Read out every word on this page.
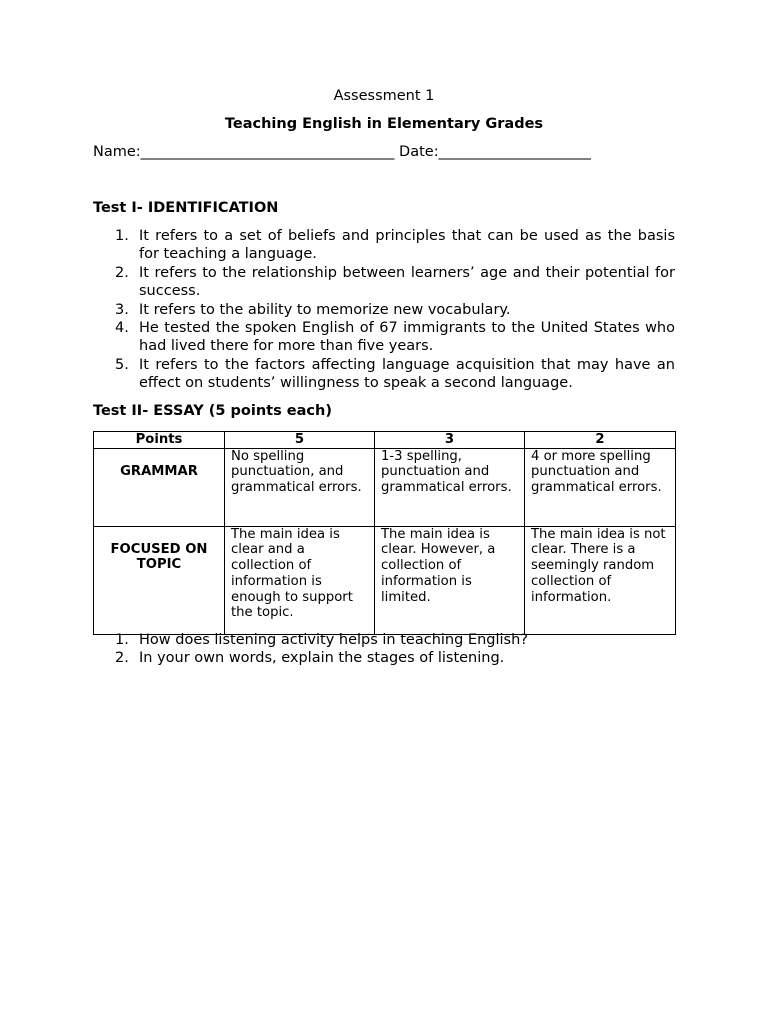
Assessment 1
Teaching English in Elementary Grades
Name:___________________________________ Date:_____________________
Test I- IDENTIFICATION
1. It refers to a set of beliefs and principles that can be used as the basis for teaching a language.
2. It refers to the relationship between learners’ age and their potential for success.
3. It refers to the ability to memorize new vocabulary.
4. He tested the spoken English of 67 immigrants to the United States who had lived there for more than five years.
5. It refers to the factors affecting language acquisition that may have an effect on students’ willingness to speak a second language.
Test II- ESSAY (5 points each)
Points	5	3	2
GRAMMAR	No spelling punctuation, and grammatical errors.	1-3 spelling, punctuation and grammatical errors.	4 or more spelling punctuation and grammatical errors.
FOCUSED ON TOPIC	The main idea is clear and a collection of information is enough to support the topic.	The main idea is clear. However, a collection of information is limited.	The main idea is not clear. There is a seemingly random collection of information.
1. How does listening activity helps in teaching English?
2. In your own words, explain the stages of listening.
